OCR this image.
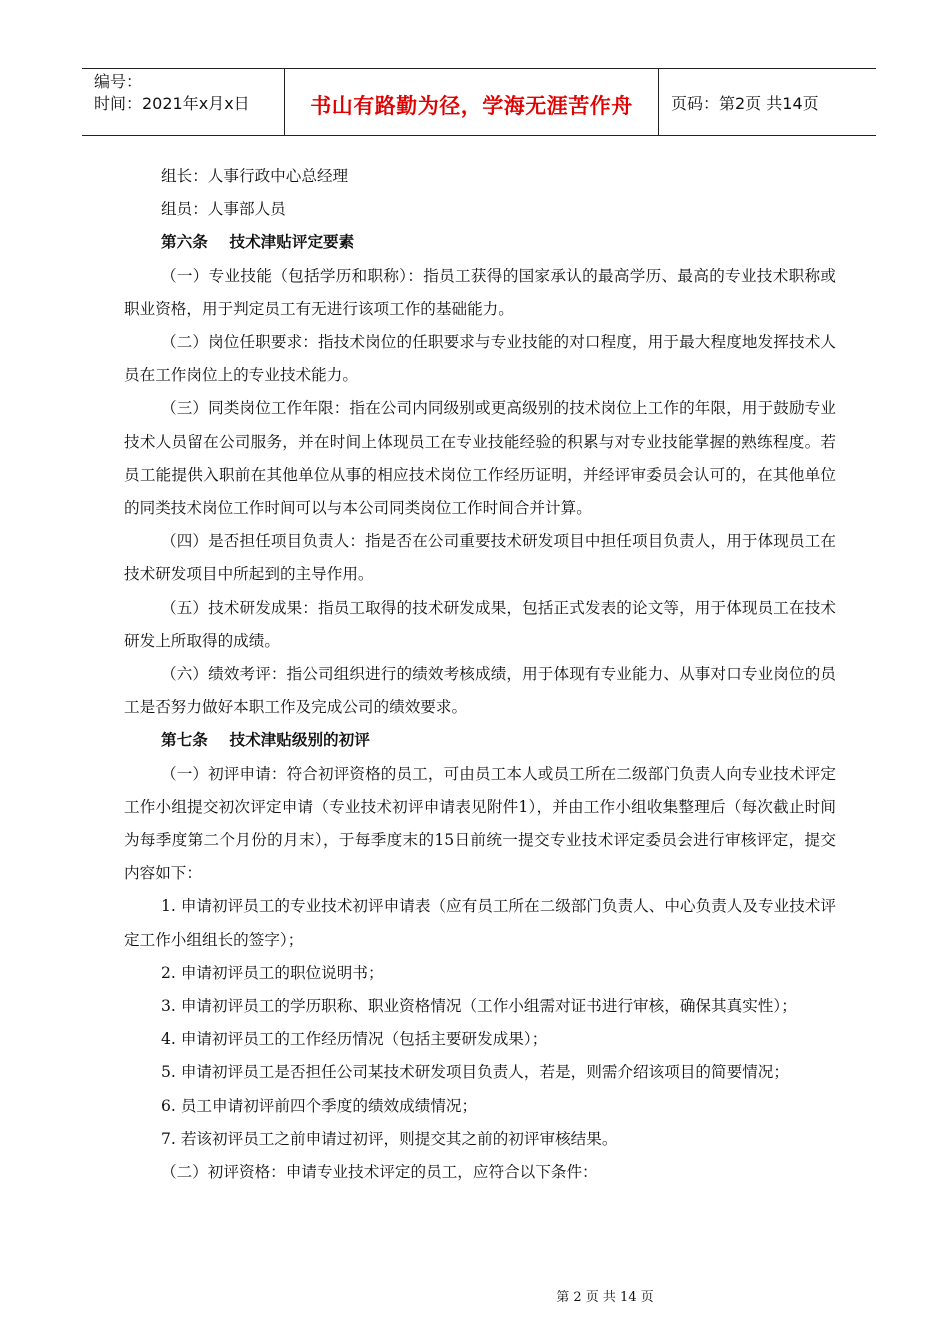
编号：
时间：2021年x月x日	书山有路勤为径，学海无涯苦作舟 页码：第2页 共14页

组长：人事行政中心总经理

组员：人事部人员

第六条    技术津贴评定要素

（一）专业技能（包括学历和职称）：指员工获得的国家承认的最高学历、最高的专业技术职称或职业资格，用于判定员工有无进行该项工作的基础能力。

（二）岗位任职要求：指技术岗位的任职要求与专业技能的对口程度，用于最大程度地发挥技术人员在工作岗位上的专业技术能力。

（三）同类岗位工作年限：指在公司内同级别或更高级别的技术岗位上工作的年限，用于鼓励专业技术人员留在公司服务，并在时间上体现员工在专业技能经验的积累与对专业技能掌握的熟练程度。若员工能提供入职前在其他单位从事的相应技术岗位工作经历证明，并经评审委员会认可的，在其他单位的同类技术岗位工作时间可以与本公司同类岗位工作时间合并计算。

（四）是否担任项目负责人：指是否在公司重要技术研发项目中担任项目负责人，用于体现员工在技术研发项目中所起到的主导作用。

（五）技术研发成果：指员工取得的技术研发成果，包括正式发表的论文等，用于体现员工在技术研发上所取得的成绩。

（六）绩效考评：指公司组织进行的绩效考核成绩，用于体现有专业能力、从事对口专业岗位的员工是否努力做好本职工作及完成公司的绩效要求。

第七条    技术津贴级别的初评

（一）初评申请：符合初评资格的员工，可由员工本人或员工所在二级部门负责人向专业技术评定工作小组提交初次评定申请（专业技术初评申请表见附件1），并由工作小组收集整理后（每次截止时间为每季度第二个月份的月末），于每季度末的15日前统一提交专业技术评定委员会进行审核评定，提交内容如下：

1. 申请初评员工的专业技术初评申请表（应有员工所在二级部门负责人、中心负责人及专业技术评定工作小组组长的签字）；

2. 申请初评员工的职位说明书；

3. 申请初评员工的学历职称、职业资格情况（工作小组需对证书进行审核，确保其真实性）；

4. 申请初评员工的工作经历情况（包括主要研发成果）；

5. 申请初评员工是否担任公司某技术研发项目负责人，若是，则需介绍该项目的简要情况；

6. 员工申请初评前四个季度的绩效成绩情况；

7. 若该初评员工之前申请过初评，则提交其之前的初评审核结果。

（二）初评资格：申请专业技术评定的员工，应符合以下条件：

第 2 页 共 14 页
